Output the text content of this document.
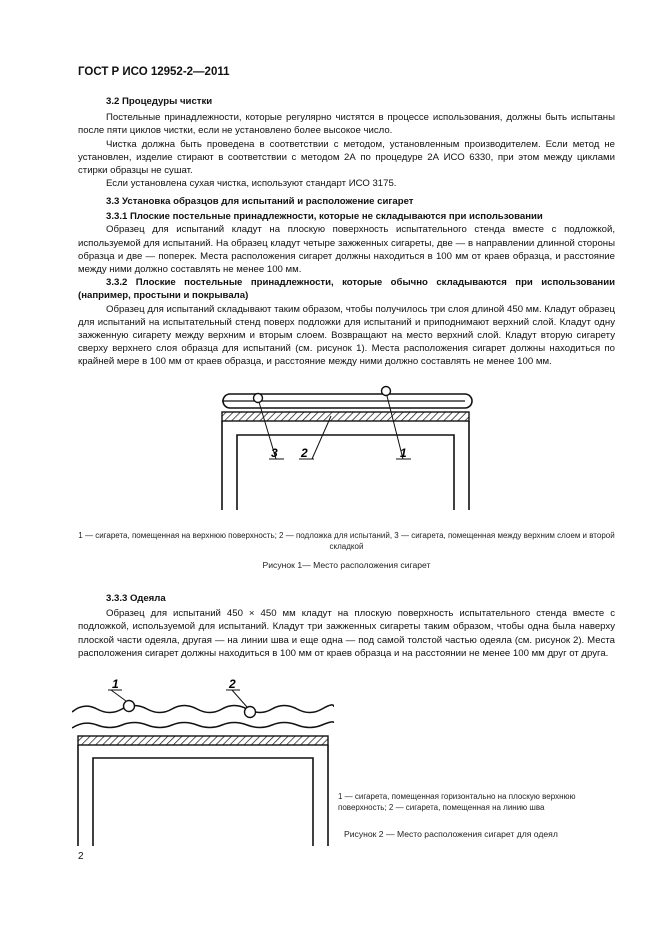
ГОСТ Р ИСО 12952-2—2011

3.2 Процедуры чистки

Постельные принадлежности, которые регулярно чистятся в процессе использования, должны быть испытаны после пяти циклов чистки, если не установлено более высокое число.

Чистка должна быть проведена в соответствии с методом, установленным производителем. Если метод не установлен, изделие стирают в соответствии с методом 2А по процедуре 2А ИСО 6330, при этом между циклами стирки образцы не сушат.

Если установлена сухая чистка, используют стандарт ИСО 3175.

3.3 Установка образцов для испытаний и расположение сигарет

3.3.1 Плоские постельные принадлежности, которые не складываются при использовании

Образец для испытаний кладут на плоскую поверхность испытательного стенда вместе с подложкой, используемой для испытаний. На образец кладут четыре зажженных сигареты, две — в направлении длинной стороны образца и две — поперек. Места расположения сигарет должны находиться в 100 мм от краев образца, и расстояние между ними должно составлять не менее 100 мм.

3.3.2 Плоские постельные принадлежности, которые обычно складываются при использовании (например, простыни и покрывала)

Образец для испытаний складывают таким образом, чтобы получилось три слоя длиной 450 мм. Кладут образец для испытаний на испытательный стенд поверх подложки для испытаний и приподнимают верхний слой. Кладут одну зажженную сигарету между верхним и вторым слоем. Возвращают на место верхний слой. Кладут вторую сигарету сверху верхнего слоя образца для испытаний (см. рисунок 1). Места расположения сигарет должны находиться по крайней мере в 100 мм от краев образца, и расстояние между ними должно составлять не менее 100 мм.

3 2	1
1 — сигарета, помещенная на верхнюю поверхность; 2 — подложка для испытаний, 3 — сигарета, помещенная между верхним слоем и второй складкой
Рисунок 1— Место расположения сигарет

3.3.3 Одеяла

Образец для испытаний 450 × 450 мм кладут на плоскую поверхность испытательного стенда вместе с подложкой, используемой для испытаний. Кладут три зажженных сигареты таким образом, чтобы одна была наверху плоской части одеяла, другая — на линии шва и еще одна — под самой толстой частью одеяла (см. рисунок 2). Места расположения сигарет должны находиться в 100 мм от краев образца и на расстоянии не менее 100 мм друг от друга.

1	2
1 — сигарета, помещенная горизонтально на плоскую верхнюю поверхность; 2 — сигарета, помещенная на линию шва
Рисунок 2 — Место расположения сигарет для одеял
2
